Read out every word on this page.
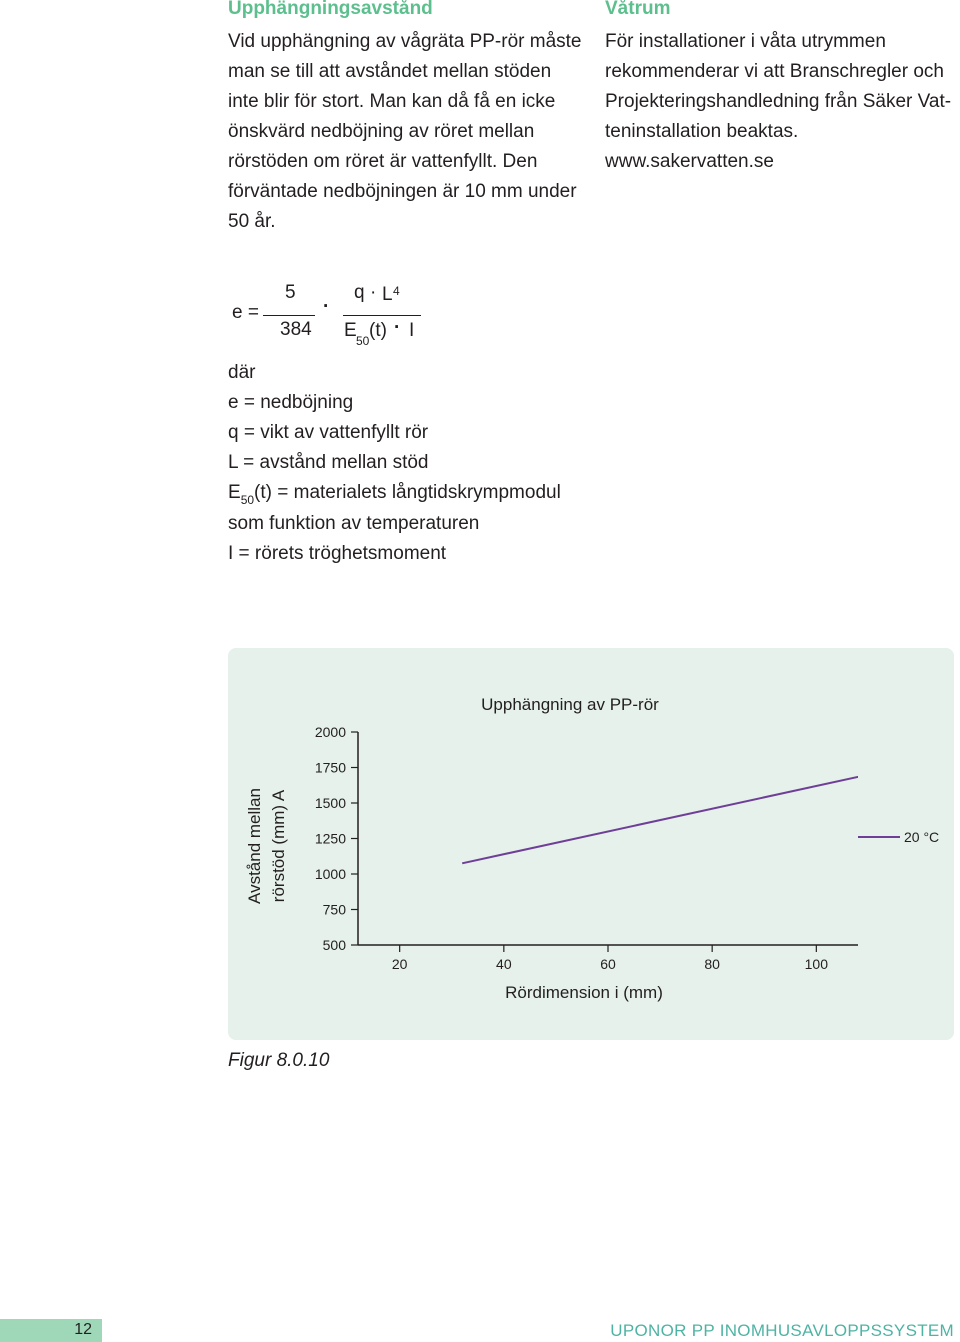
Upphängningsavstånd
Vid upphängning av vågräta PP-rör måste
man se till att avståndet mellan stöden
inte blir för stort. Man kan då få en icke
önskvärd nedböjning av röret mellan
rörstöden om röret är vattenfyllt. Den
förväntade nedböjningen är 10 mm under
50 år.
Våtrum
För installationer i våta utrymmen
rekommenderar vi att Branschregler och
Projekteringshandledning från Säker Vat-
teninstallation beaktas.
www.sakervatten.se
e =
5
384
·
q · L 4
E 50 (t) · I
där
e = nedböjning
q = vikt av vattenfyllt rör
L = avstånd mellan stöd
$E_{50}(t)$ = materialets långtidskrympmodul
som funktion av temperaturen
I = rörets tröghetsmoment
2000
1750
1500
1250
1000
750
500
20	40	60	80	100
20 °C
Upphängning av PP-rör
Rördimension i (mm)
Avstånd mellan rörstöd (mm) A
Figur 8.0.10
12	UPONOR PP INOMHUSAVLOPPSSYSTEM
